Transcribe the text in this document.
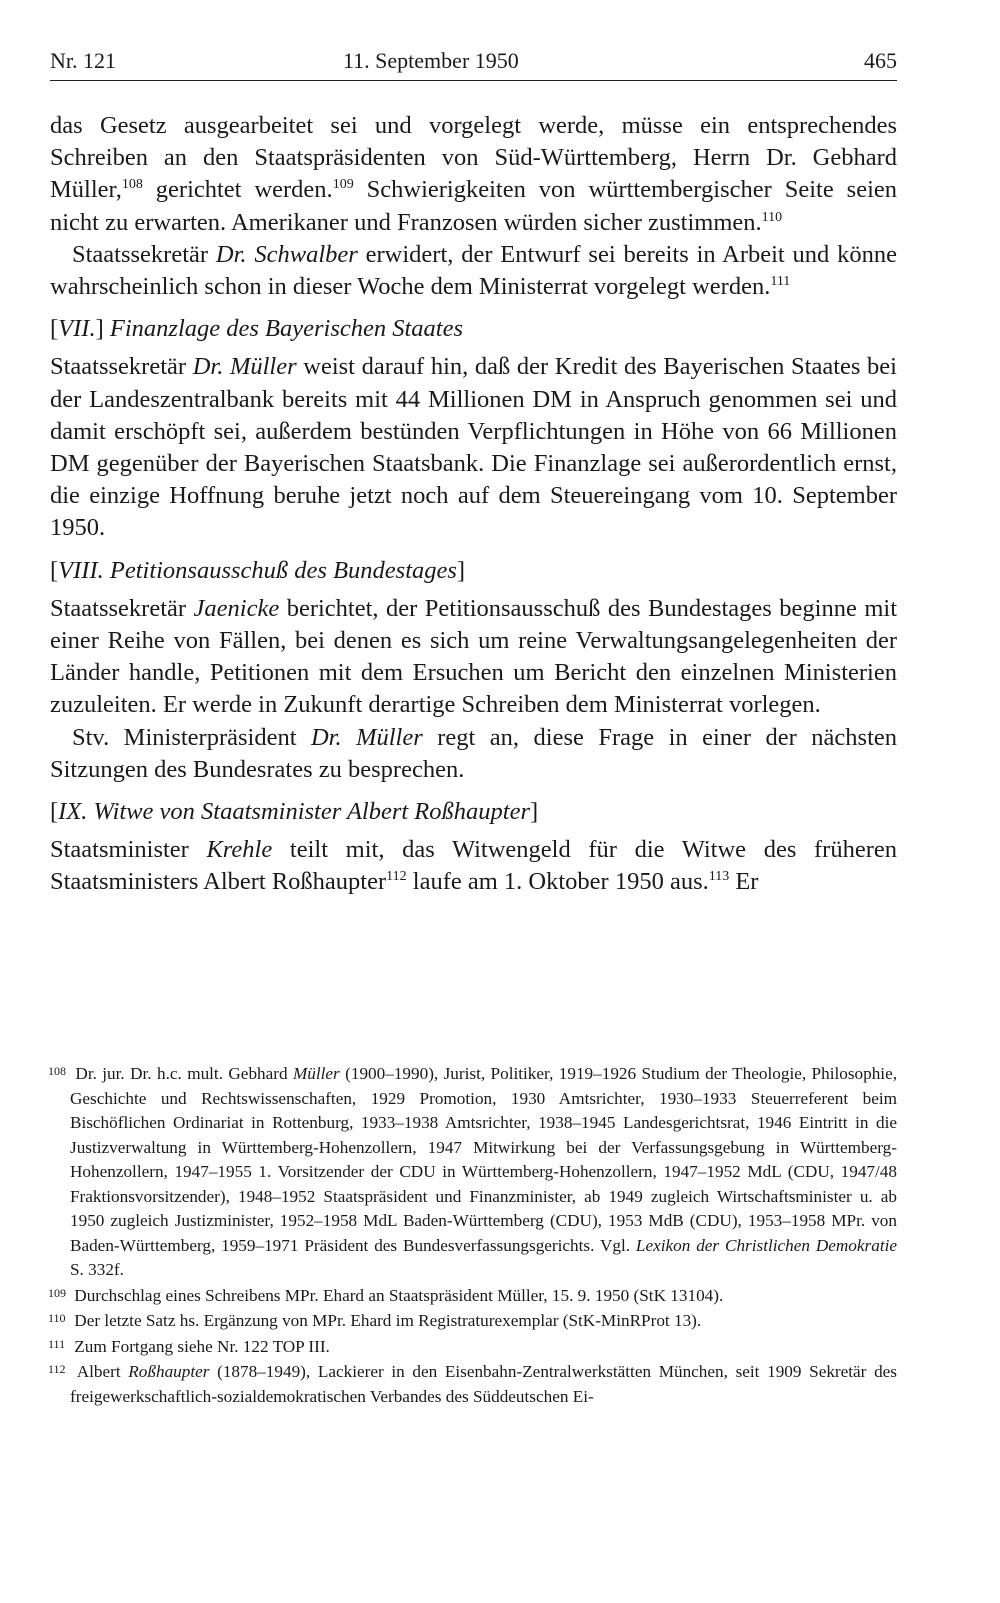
Nr. 121	11. September 1950	465

das Gesetz ausgearbeitet sei und vorgelegt werde, müsse ein entsprechendes Schreiben an den Staatspräsidenten von Süd-Württemberg, Herrn Dr. Gebhard Müller,$^{108}$ gerichtet werden.$^{109}$ Schwierigkeiten von württembergischer Seite seien nicht zu erwarten. Amerikaner und Franzosen würden sicher zustimmen.$^{110}$

Staatssekretär Dr. Schwalber erwidert, der Entwurf sei bereits in Arbeit und könne wahrscheinlich schon in dieser Woche dem Ministerrat vorgelegt werden.$^{111}$

[VII.] Finanzlage des Bayerischen Staates

Staatssekretär Dr. Müller weist darauf hin, daß der Kredit des Bayerischen Staates bei der Landeszentralbank bereits mit 44 Millionen DM in Anspruch genommen sei und damit erschöpft sei, außerdem bestünden Verpflichtungen in Höhe von 66 Millionen DM gegenüber der Bayerischen Staatsbank. Die Finanzlage sei außerordentlich ernst, die einzige Hoffnung beruhe jetzt noch auf dem Steuereingang vom 10. September 1950.

[VIII. Petitionsausschuß des Bundestages]

Staatssekretär Jaenicke berichtet, der Petitionsausschuß des Bundestages beginne mit einer Reihe von Fällen, bei denen es sich um reine Verwaltungsangelegenheiten der Länder handle, Petitionen mit dem Ersuchen um Bericht den einzelnen Ministerien zuzuleiten. Er werde in Zukunft derartige Schreiben dem Ministerrat vorlegen.

Stv. Ministerpräsident Dr. Müller regt an, diese Frage in einer der nächsten Sitzungen des Bundesrates zu besprechen.

[IX. Witwe von Staatsminister Albert Roßhaupter]

Staatsminister Krehle teilt mit, das Witwengeld für die Witwe des früheren Staatsministers Albert Roßhaupter$^{112}$ laufe am 1. Oktober 1950 aus.$^{113}$ Er

108 Dr. jur. Dr. h.c. mult. Gebhard Müller (1900–1990), Jurist, Politiker, 1919–1926 Studium der Theologie, Philosophie, Geschichte und Rechtswissenschaften, 1929 Promotion, 1930 Amtsrichter, 1930–1933 Steuerreferent beim Bischöflichen Ordinariat in Rottenburg, 1933–1938 Amtsrichter, 1938–1945 Landesgerichtsrat, 1946 Eintritt in die Justizverwaltung in Württemberg-Hohenzollern, 1947 Mitwirkung bei der Verfassungsgebung in Württemberg-Hohenzollern, 1947–1955 1. Vorsitzender der CDU in Württemberg-Hohenzollern, 1947–1952 MdL (CDU, 1947/48 Fraktionsvorsitzender), 1948–1952 Staatspräsident und Finanzminister, ab 1949 zugleich Wirtschaftsminister u. ab 1950 zugleich Justizminister, 1952–1958 MdL Baden-Württemberg (CDU), 1953 MdB (CDU), 1953–1958 MPr. von Baden-Württemberg, 1959–1971 Präsident des Bundesverfassungsgerichts. Vgl. Lexikon der Christlichen Demokratie S. 332f.

109 Durchschlag eines Schreibens MPr. Ehard an Staatspräsident Müller, 15. 9. 1950 (StK 13104).

110 Der letzte Satz hs. Ergänzung von MPr. Ehard im Registraturexemplar (StK-MinRProt 13).

111 Zum Fortgang siehe Nr. 122 TOP III.

112 Albert Roßhaupter (1878–1949), Lackierer in den Eisenbahn-Zentralwerkstätten München, seit 1909 Sekretär des freigewerkschaftlich-sozialdemokratischen Verbandes des Süddeutschen Ei-
